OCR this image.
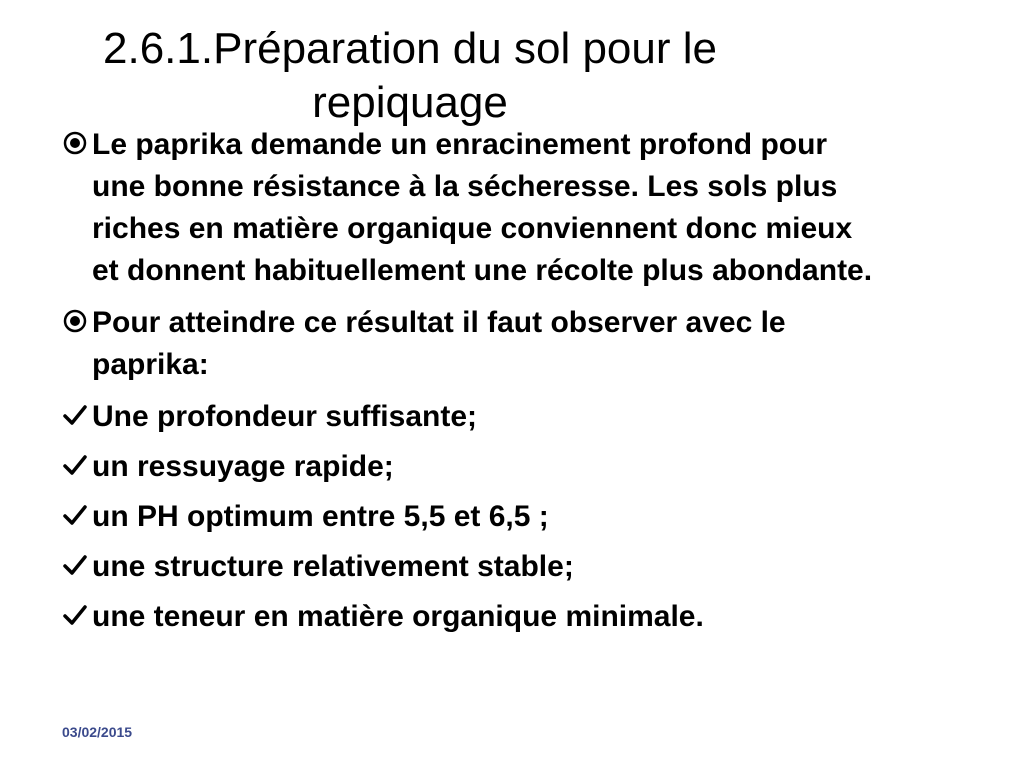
2.6.1.Préparation du sol pour le repiquage
Le paprika demande un enracinement profond pour une bonne résistance à la sécheresse. Les sols plus riches en matière organique conviennent donc mieux et donnent habituellement une récolte plus abondante.
Pour atteindre ce résultat il faut observer avec le paprika:
Une profondeur suffisante;
un ressuyage rapide;
un PH optimum entre 5,5 et 6,5 ;
une structure relativement stable;
une teneur en matière organique minimale.
03/02/2015
